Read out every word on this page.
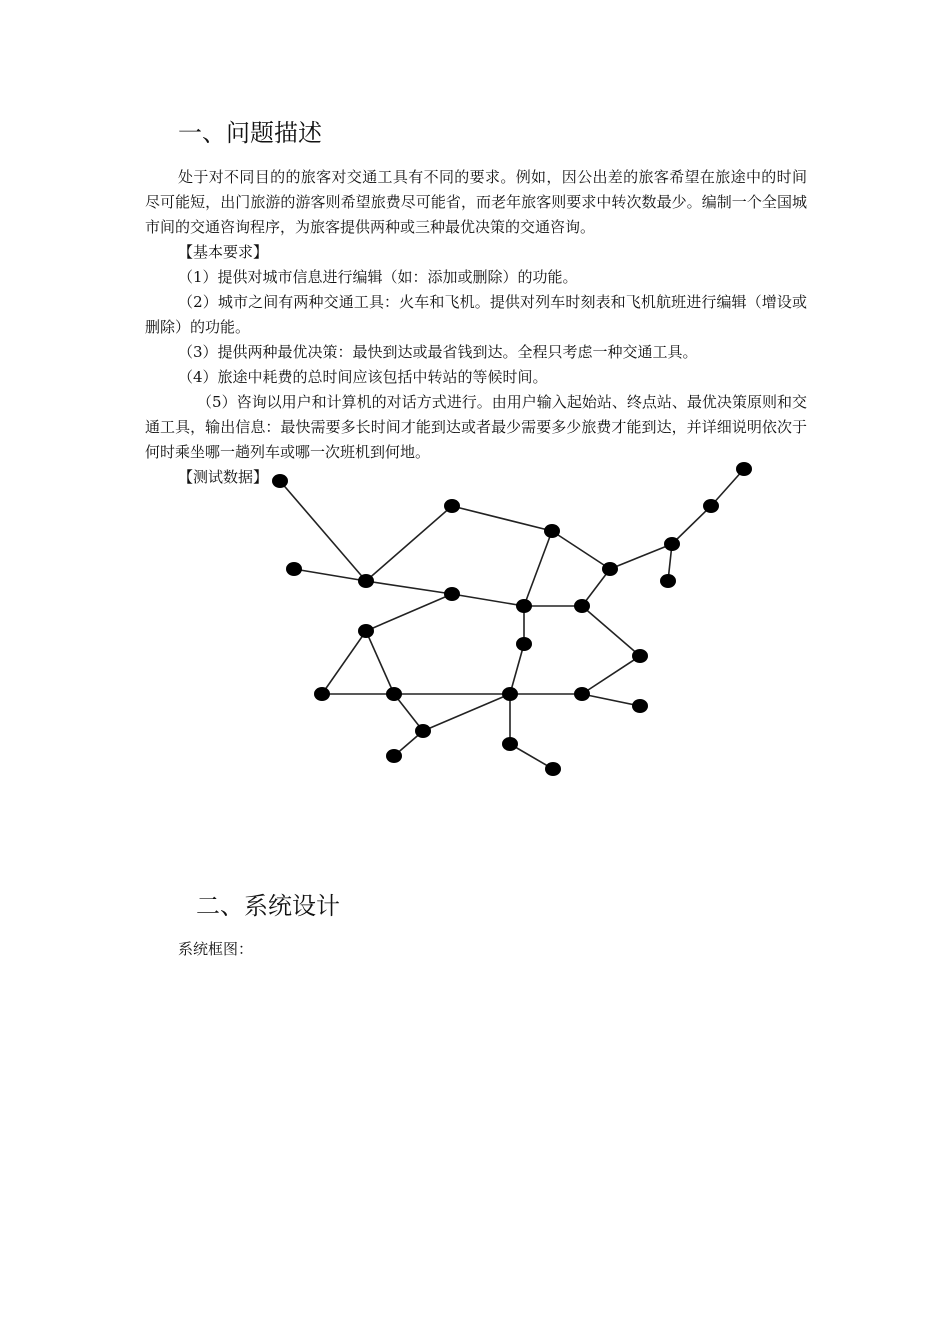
一、问题描述

处于对不同目的的旅客对交通工具有不同的要求。例如，因公出差的旅客希望在旅途中的时间尽可能短，出门旅游的游客则希望旅费尽可能省，而老年旅客则要求中转次数最少。编制一个全国城市间的交通咨询程序，为旅客提供两种或三种最优决策的交通咨询。

【基本要求】

（1）提供对城市信息进行编辑（如：添加或删除）的功能。

（2）城市之间有两种交通工具：火车和飞机。提供对列车时刻表和飞机航班进行编辑（增设或删除）的功能。

（3）提供两种最优决策：最快到达或最省钱到达。全程只考虑一种交通工具。

（4）旅途中耗费的总时间应该包括中转站的等候时间。

（5）咨询以用户和计算机的对话方式进行。由用户输入起始站、终点站、最优决策原则和交通工具，输出信息：最快需要多长时间才能到达或者最少需要多少旅费才能到达，并详细说明依次于何时乘坐哪一趟列车或哪一次班机到何地。

【测试数据】

二、系统设计

系统框图：
